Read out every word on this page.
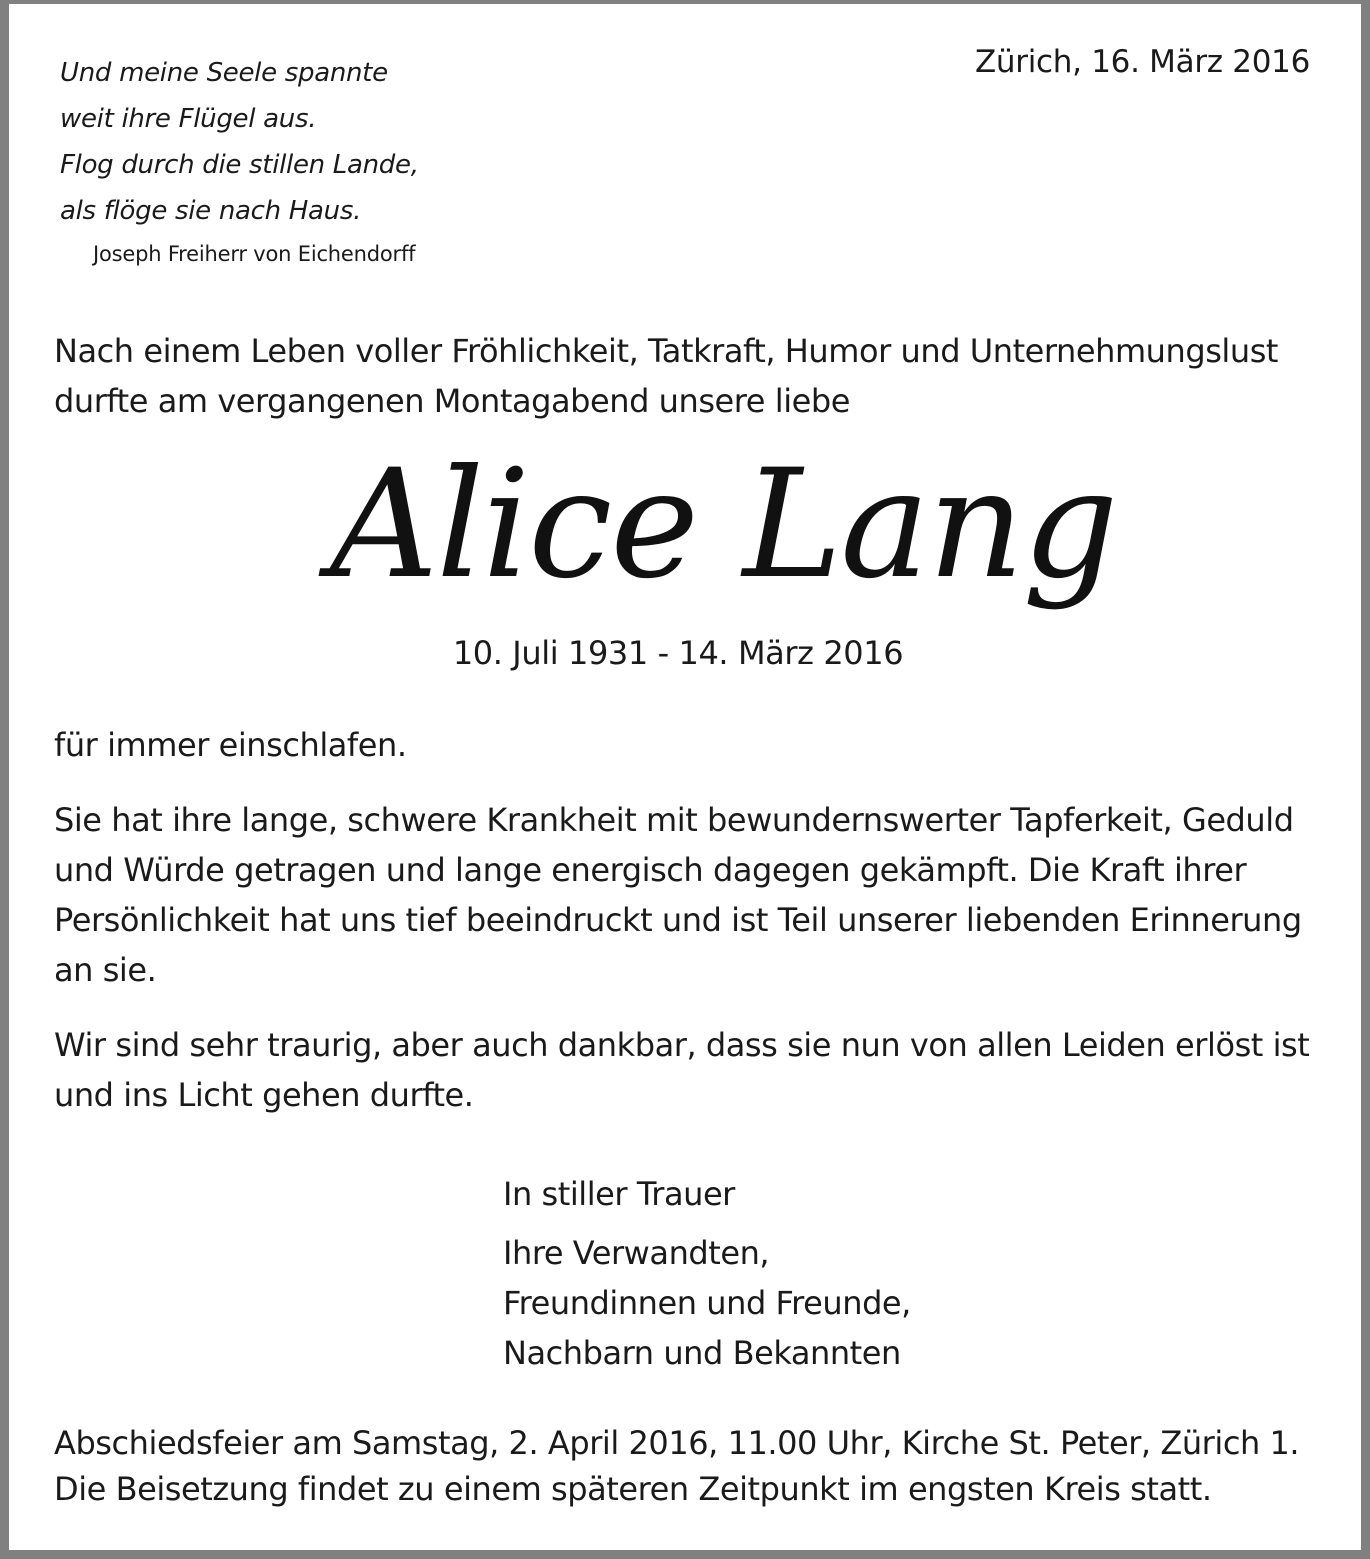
Und meine Seele spannte
weit ihre Flügel aus.
Flog durch die stillen Lande,
als flöge sie nach Haus.
Joseph Freiherr von Eichendorff
Zürich, 16. März 2016
Nach einem Leben voller Fröhlichkeit, Tatkraft, Humor und Unternehmungslust
durfte am vergangenen Montagabend unsere liebe
Alice Lang
10. Juli 1931 - 14. März 2016
für immer einschlafen.
Sie hat ihre lange, schwere Krankheit mit bewundernswerter Tapferkeit, Geduld
und Würde getragen und lange energisch dagegen gekämpft. Die Kraft ihrer
Persönlichkeit hat uns tief beeindruckt und ist Teil unserer liebenden Erinnerung
an sie.
Wir sind sehr traurig, aber auch dankbar, dass sie nun von allen Leiden erlöst ist
und ins Licht gehen durfte.
In stiller Trauer
Ihre Verwandten,
Freundinnen und Freunde,
Nachbarn und Bekannten
Abschiedsfeier am Samstag, 2. April 2016, 11.00 Uhr, Kirche St. Peter, Zürich 1.
Die Beisetzung findet zu einem späteren Zeitpunkt im engsten Kreis statt.
